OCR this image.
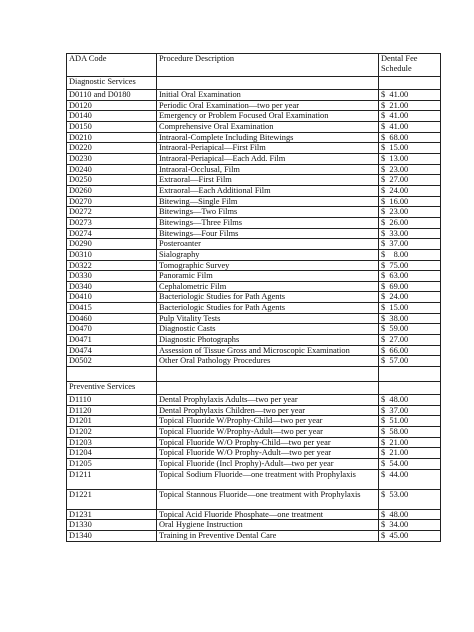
ADA Code	Procedure Description	Dental Fee Schedule
Diagnostic Services		
D0110 and D0180	Initial Oral Examination	$  41.00
D0120	Periodic Oral Examination—two per year	$  21.00
D0140	Emergency or Problem Focused Oral Examination	$  41.00
D0150	Comprehensive Oral Examination	$  41.00
D0210	Intraoral-Complete Including Bitewings	$  68.00
D0220	Intraoral-Periapical—First Film	$  15.00
D0230	Intraoral-Periapical—Each Add. Film	$  13.00
D0240	Intraoral-Occlusal, Film	$  23.00
D0250	Extraoral—First Film	$  27.00
D0260	Extraoral—Each Additional Film	$  24.00
D0270	Bitewing—Single Film	$  16.00
D0272	Bitewings—Two Films	$  23.00
D0273	Bitewings—Three Films	$  26.00
D0274	Bitewings—Four Films	$  33.00
D0290	Posteroanter	$  37.00
D0310	Sialography	$    8.00
D0322	Tomographic Survey	$  75.00
D0330	Panoramic Film	$  63.00
D0340	Cephalometric Film	$  69.00
D0410	Bacteriologic Studies for Path Agents	$  24.00
D0415	Bacteriologic Studies for Path Agents	$  15.00
D0460	Pulp Vitality Tests	$  38.00
D0470	Diagnostic Casts	$  59.00
D0471	Diagnostic Photographs	$  27.00
D0474	Assession of Tissue Gross and Microscopic Examination	$  66.00
D0502	Other Oral Pathology Procedures	$  57.00

Preventive Services		
D1110	Dental Prophylaxis Adults—two per year	$  48.00
D1120	Dental Prophylaxis Children—two per year	$  37.00
D1201	Topical Fluoride W/Prophy-Child—two per year	$  51.00
D1202	Topical Fluoride W/Prophy-Adult—two per year	$  58.00
D1203	Topical Fluoride W/O Prophy-Child—two per year	$  21.00
D1204	Topical Fluoride W/O Prophy-Adult—two per year	$  21.00
D1205	Topical Fluoride (Incl Prophy)-Adult—two per year	$  54.00
D1211	Topical Sodium Fluoride—one treatment with Prophylaxis	$  44.00
D1221	Topical Stannous Fluoride—one treatment with Prophylaxis	$  53.00
D1231	Topical Acid Fluoride Phosphate—one treatment	$  48.00
D1330	Oral Hygiene Instruction	$  34.00
D1340	Training in Preventive Dental Care	$  45.00
